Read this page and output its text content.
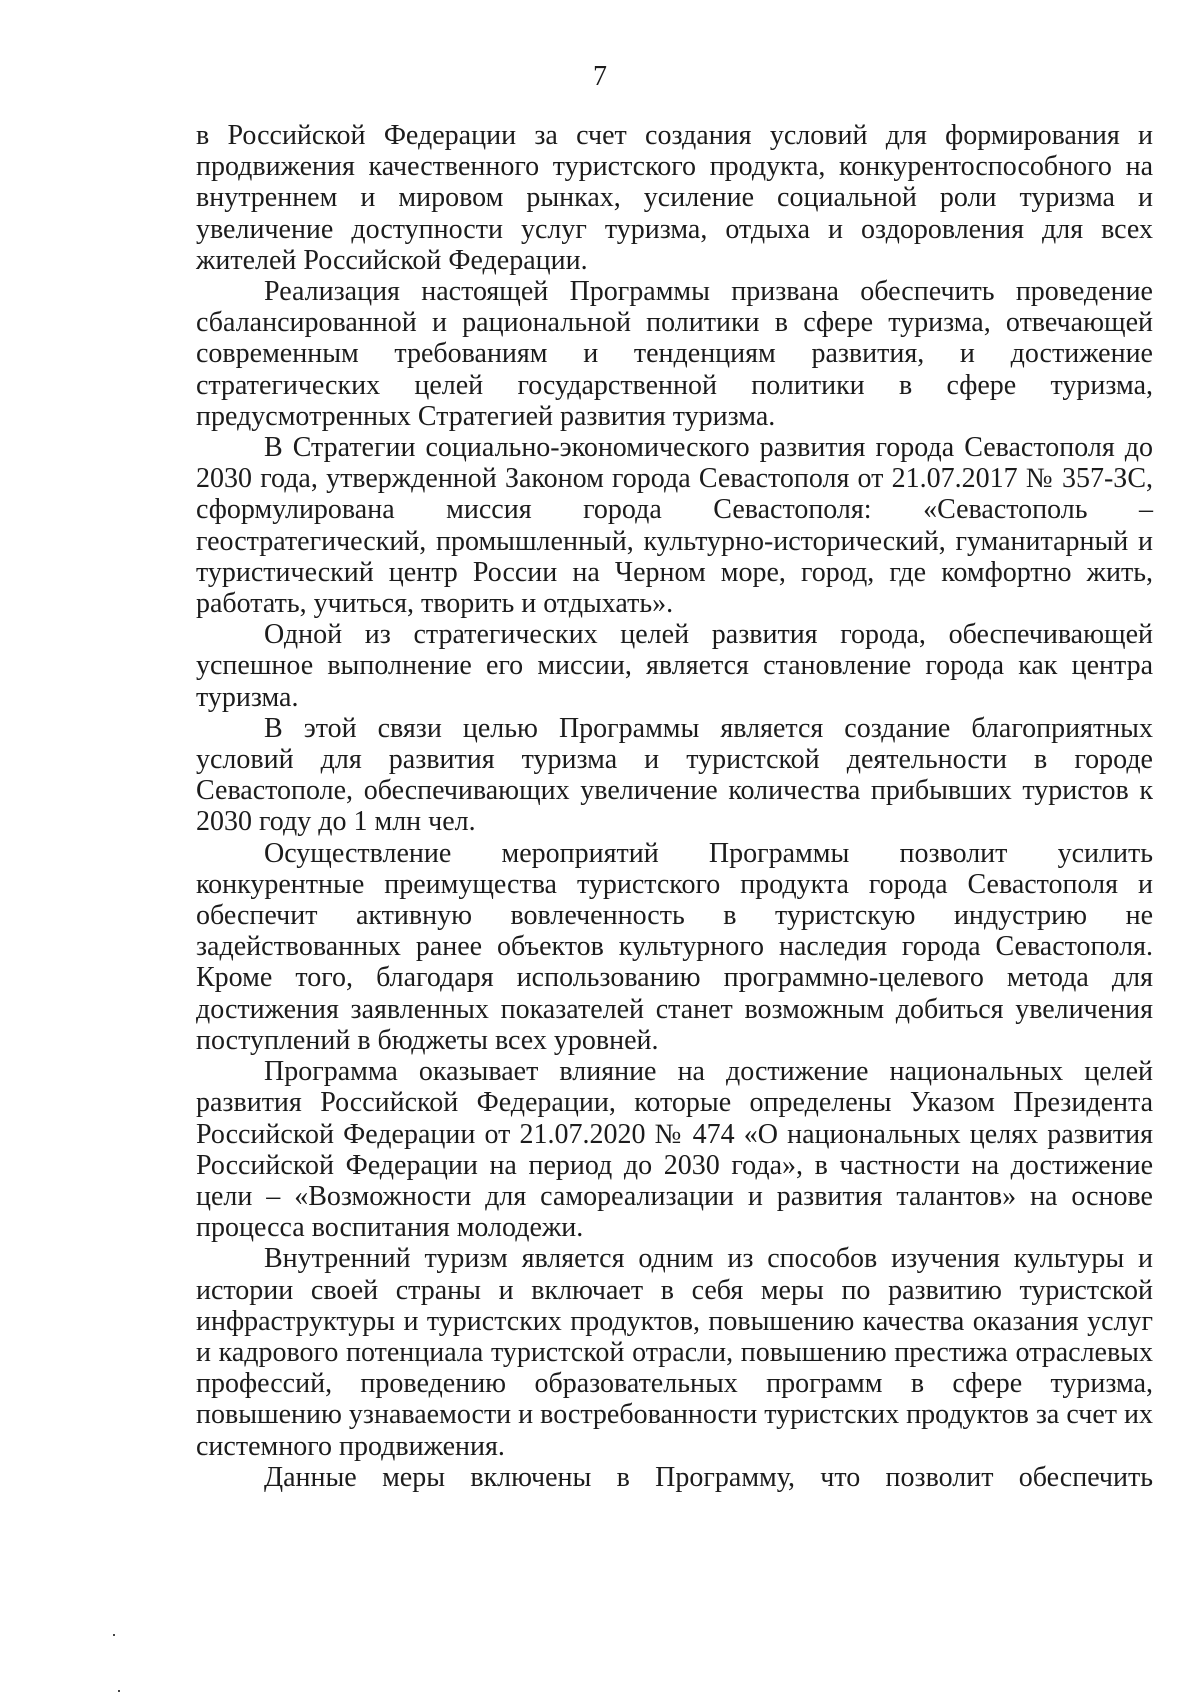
7

в Российской Федерации за счет создания условий для формирования и продвижения качественного туристского продукта, конкурентоспособного на внутреннем и мировом рынках, усиление социальной роли туризма и увеличение доступности услуг туризма, отдыха и оздоровления для всех жителей Российской Федерации.

Реализация настоящей Программы призвана обеспечить проведение сбалансированной и рациональной политики в сфере туризма, отвечающей современным требованиям и тенденциям развития, и достижение стратегических целей государственной политики в сфере туризма, предусмотренных Стратегией развития туризма.

В Стратегии социально-экономического развития города Севастополя до 2030 года, утвержденной Законом города Севастополя от 21.07.2017 № 357-ЗС, сформулирована миссия города Севастополя: «Севастополь – геостратегический, промышленный, культурно-исторический, гуманитарный и туристический центр России на Черном море, город, где комфортно жить, работать, учиться, творить и отдыхать».

Одной из стратегических целей развития города, обеспечивающей успешное выполнение его миссии, является становление города как центра туризма.

В этой связи целью Программы является создание благоприятных условий для развития туризма и туристской деятельности в городе Севастополе, обеспечивающих увеличение количества прибывших туристов к 2030 году до 1 млн чел.

Осуществление мероприятий Программы позволит усилить конкурентные преимущества туристского продукта города Севастополя и обеспечит активную вовлеченность в туристскую индустрию не задействованных ранее объектов культурного наследия города Севастополя. Кроме того, благодаря использованию программно-целевого метода для достижения заявленных показателей станет возможным добиться увеличения поступлений в бюджеты всех уровней.

Программа оказывает влияние на достижение национальных целей развития Российской Федерации, которые определены Указом Президента Российской Федерации от 21.07.2020 № 474 «О национальных целях развития Российской Федерации на период до 2030 года», в частности на достижение цели – «Возможности для самореализации и развития талантов» на основе процесса воспитания молодежи.

Внутренний туризм является одним из способов изучения культуры и истории своей страны и включает в себя меры по развитию туристской инфраструктуры и туристских продуктов, повышению качества оказания услуг и кадрового потенциала туристской отрасли, повышению престижа отраслевых профессий, проведению образовательных программ в сфере туризма, повышению узнаваемости и востребованности туристских продуктов за счет их системного продвижения.

Данные меры включены в Программу, что позволит обеспечить
